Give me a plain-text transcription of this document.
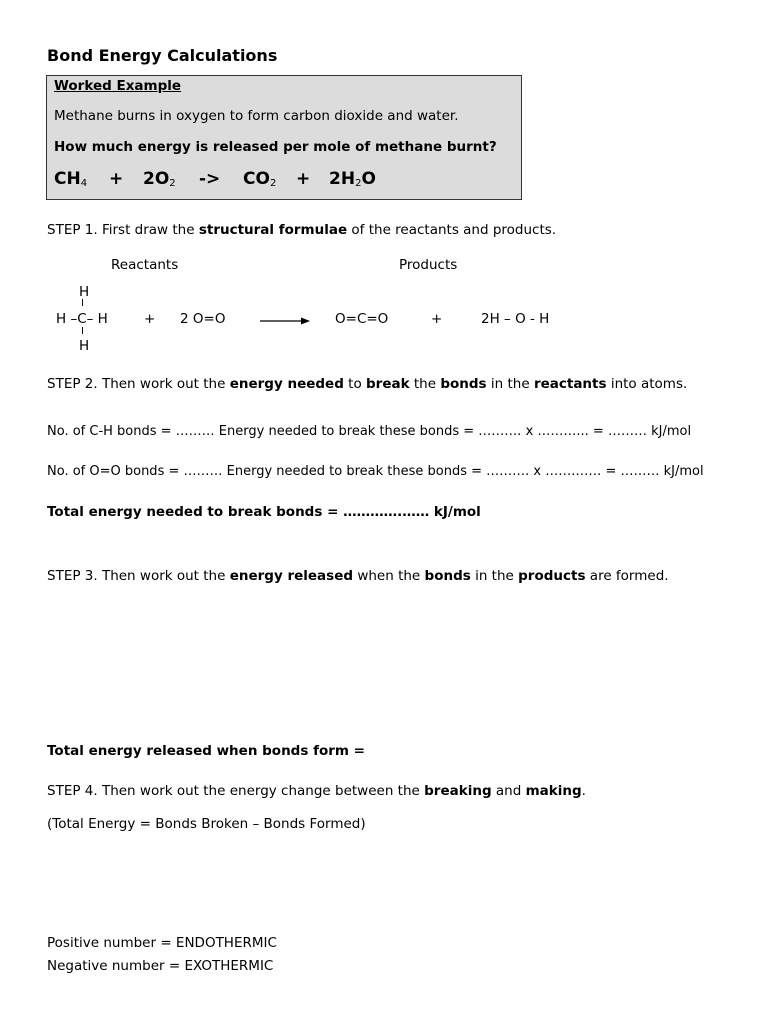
Bond Energy Calculations
Worked Example
Methane burns in oxygen to form carbon dioxide and water.
How much energy is released per mole of methane burnt?
$CH_4 + 2O_2 -> CO_2 + 2H_2O$
STEP 1. First draw the structural formulae of the reactants and products.
Reactants	Products
H
I
H –C– H
I
H
+ 2 O=O → O=C=O	+	2H – O - H
STEP 2. Then work out the energy needed to break the bonds in the reactants into atoms.
No. of C-H bonds = ……… Energy needed to break these bonds = ………. x ………... = ……… kJ/mol
No. of O=O bonds = ……… Energy needed to break these bonds = ………. x …….…… = ……… kJ/mol
Total energy needed to break bonds = ………….…… kJ/mol
STEP 3. Then work out the energy released when the bonds in the products are formed.
Total energy released when bonds form =
STEP 4. Then work out the energy change between the breaking and making.
(Total Energy = Bonds Broken – Bonds Formed)
Positive number = ENDOTHERMIC
Negative number = EXOTHERMIC
